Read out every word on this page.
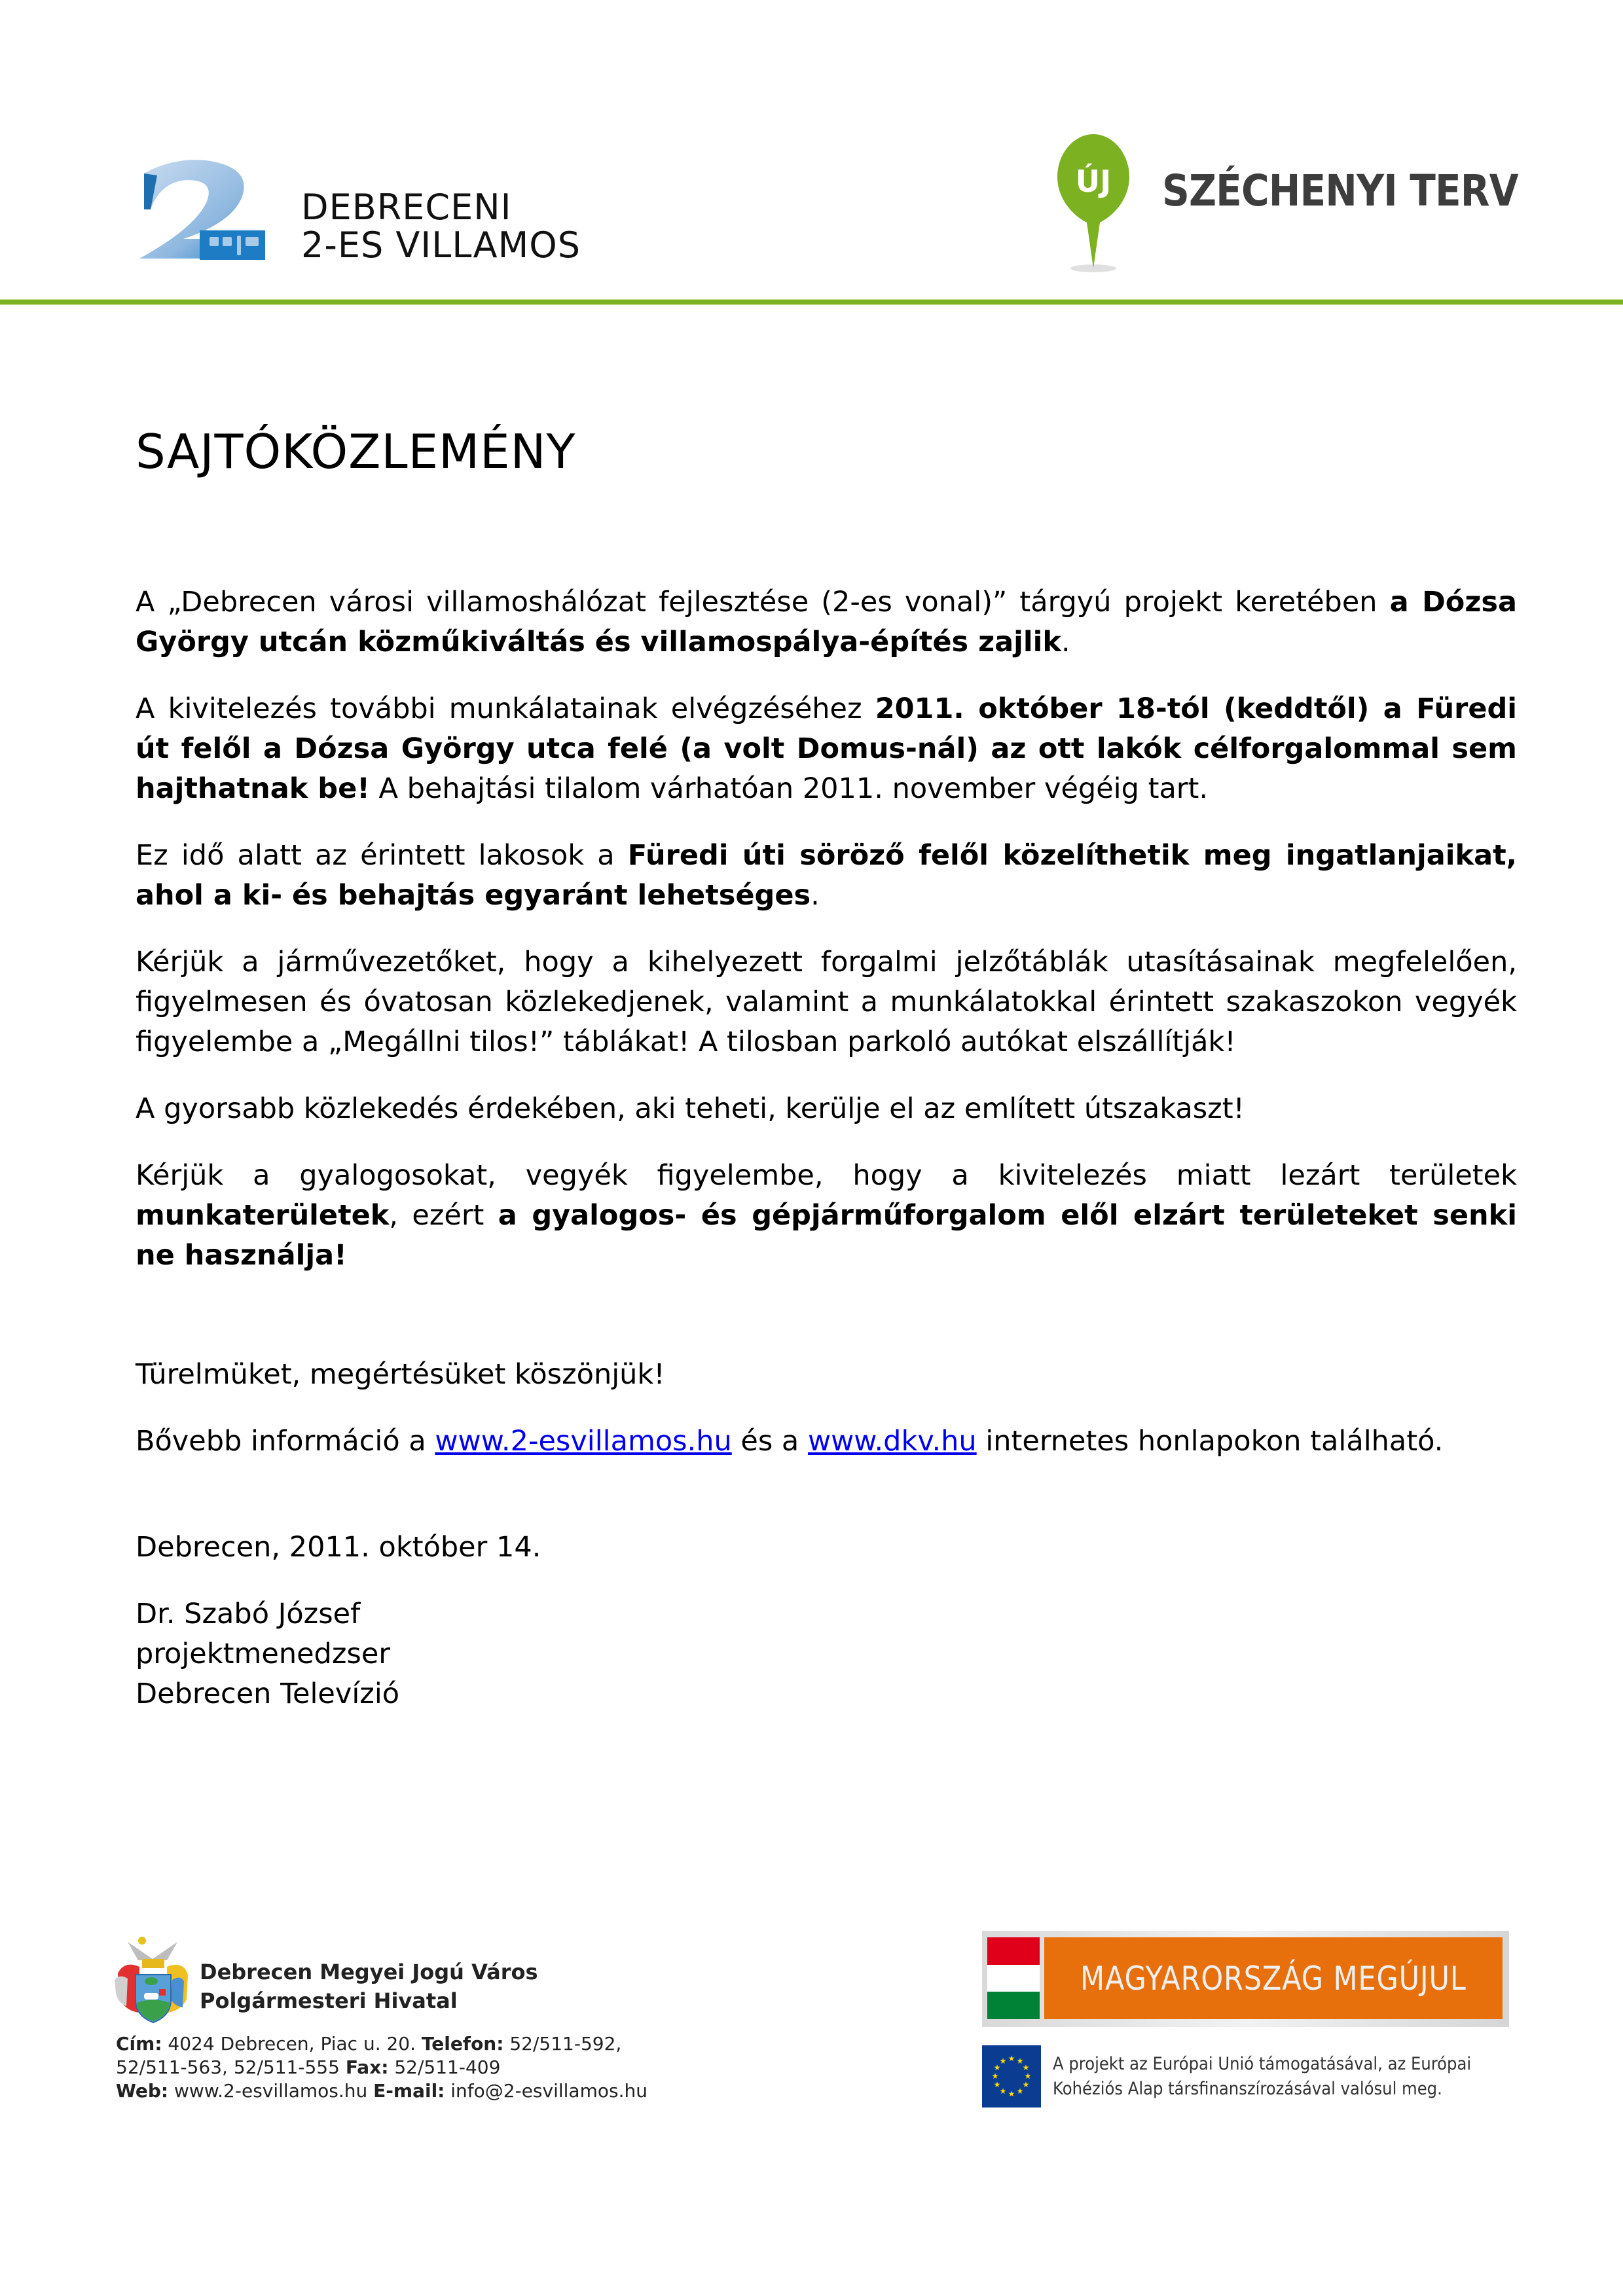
DEBRECENI
2-ES VILLAMOS
ÚJ SZÉCHENYI TERV
SAJTÓKÖZLEMÉNY

A „Debrecen városi villamoshálózat fejlesztése (2-es vonal)” tárgyú projekt keretében a Dózsa György utcán közműkiváltás és villamospálya-építés zajlik.

A kivitelezés további munkálatainak elvégzéséhez 2011. október 18-tól (keddtől) a Füredi út felől a Dózsa György utca felé (a volt Domus-nál) az ott lakók célforgalommal sem hajthatnak be! A behajtási tilalom várhatóan 2011. november végéig tart.

Ez idő alatt az érintett lakosok a Füredi úti söröző felől közelíthetik meg ingatlanjaikat, ahol a ki- és behajtás egyaránt lehetséges.

Kérjük a járművezetőket, hogy a kihelyezett forgalmi jelzőtáblák utasításainak megfelelően, figyelmesen és óvatosan közlekedjenek, valamint a munkálatokkal érintett szakaszokon vegyék figyelembe a „Megállni tilos!” táblákat! A tilosban parkoló autókat elszállítják!

A gyorsabb közlekedés érdekében, aki teheti, kerülje el az említett útszakaszt!

Kérjük a gyalogosokat, vegyék figyelembe, hogy a kivitelezés miatt lezárt területek munkaterületek, ezért a gyalogos- és gépjárműforgalom elől elzárt területeket senki ne használja!

Türelmüket, megértésüket köszönjük!

Bővebb információ a www.2-esvillamos.hu és a www.dkv.hu internetes honlapokon található.

Debrecen, 2011. október 14.

Dr. Szabó József

projektmenedzser

Debrecen Televízió

Debrecen Megyei Jogú Város
Polgármesteri Hivatal
Cím: 4024 Debrecen, Piac u. 20. Telefon: 52/511-592,
52/511-563, 52/511-555 Fax: 52/511-409
Web: www.2-esvillamos.hu E-mail: info@2-esvillamos.hu
MAGYARORSZÁG MEGÚJUL
★ ★
★
★
★
★
★
★
★
★
★
★	A projekt az Európai Unió támogatásával, az Európai
Kohéziós Alap társfinanszírozásával valósul meg.
